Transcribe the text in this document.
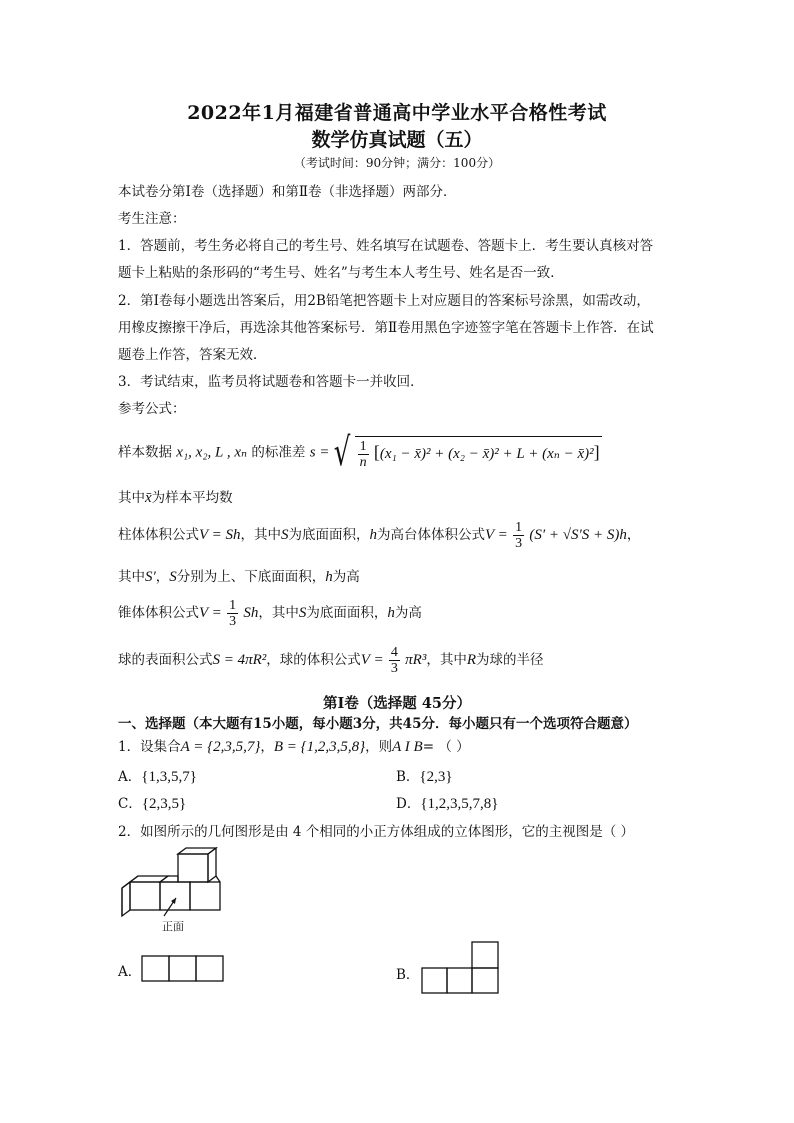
2022年1月福建省普通高中学业水平合格性考试
数学仿真试题（五）
（考试时间：90分钟；满分：100分）
本试卷分第Ⅰ卷（选择题）和第Ⅱ卷（非选择题）两部分．
考生注意：
1．答题前，考生务必将自己的考生号、姓名填写在试题卷、答题卡上．考生要认真核对答
题卡上粘贴的条形码的“考生号、姓名”与考生本人考生号、姓名是否一致．
2．第Ⅰ卷每小题选出答案后，用2B铅笔把答题卡上对应题目的答案标号涂黑，如需改动，
用橡皮擦擦干净后，再选涂其他答案标号．第Ⅱ卷用黑色字迹签字笔在答题卡上作答．在试
题卷上作答，答案无效．
3．考试结束，监考员将试题卷和答题卡一并收回．
参考公式：
样本数据 x₁, x₂, L , xₙ 的标准差 s = √ $\frac{1}{n} [(x_1$ − x̄)² + (x₂ − x̄)² + L + (xₙ − x̄)²]
其中x̄为样本平均数
柱体体积公式V = Sh，其中S为底面面积，h为高台体体积公式$V = \frac{1}{3} (S' + √S'S + S)h$，
其中S′，S分别为上、下底面面积，h为高
锥体体积公式$V = \frac{1}{3}$ Sh，其中S为底面面积，h为高
球的表面积公式S = 4πR²，球的体积公式$V = \frac{4}{3} \pi R^3$，其中R为球的半径
第Ⅰ卷（选择题 45分）
一、选择题（本大题有15小题，每小题3分，共45分．每小题只有一个选项符合题意）
1．设集合A = {2,3,5,7}，B = {1,2,3,5,8}，则A I B= （ ）
A．{1,3,5,7}	B．{2,3}
C．{2,3,5}	D．{1,2,3,5,7,8}
2．如图所示的几何图形是由 4 个相同的小正方体组成的立体图形，它的主视图是（ ）
正面
A．	B．
